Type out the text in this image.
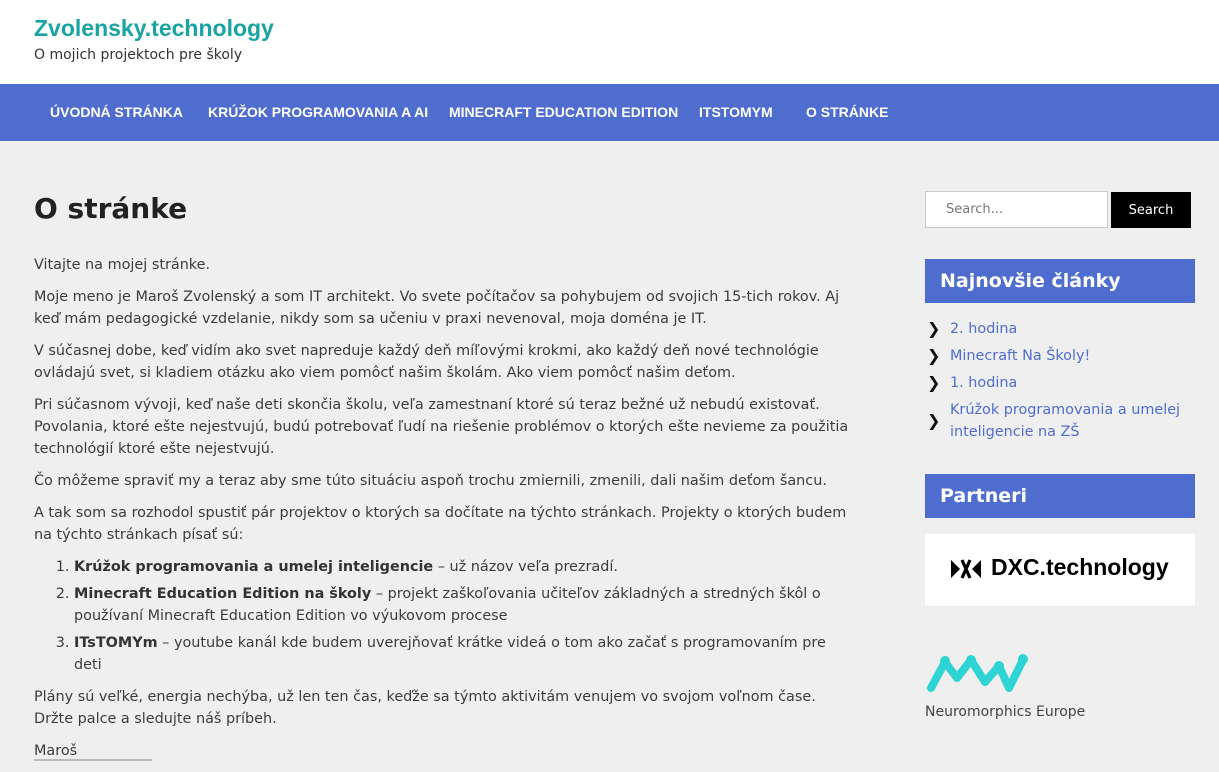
Zvolensky.technology
O mojich projektoch pre školy
ÚVODNÁ STRÁNKA KRÚŽOK PROGRAMOVANIA A AI MINECRAFT EDUCATION EDITION ITSTOMYM O STRÁNKE
O stránke

Vitajte na mojej stránke.

Moje meno je Maroš Zvolenský a som IT architekt. Vo svete počítačov sa pohybujem od svojich 15-tich rokov. Aj keď mám pedagogické vzdelanie, nikdy som sa učeniu v praxi nevenoval, moja doména je IT.

V súčasnej dobe, keď vidím ako svet napreduje každý deň míľovými krokmi, ako každý deň nové technológie ovládajú svet, si kladiem otázku ako viem pomôcť našim školám. Ako viem pomôcť našim deťom.

Pri súčasnom vývoji, keď naše deti skončia školu, veľa zamestnaní ktoré sú teraz bežné už nebudú existovať. Povolania, ktoré ešte nejestvujú, budú potrebovať ľudí na riešenie problémov o ktorých ešte nevieme za použitia technológií ktoré ešte nejestvujú.

Čo môžeme spraviť my a teraz aby sme túto situáciu aspoň trochu zmiernili, zmenili, dali našim deťom šancu.

A tak som sa rozhodol spustiť pár projektov o ktorých sa dočítate na týchto stránkach. Projekty o ktorých budem na týchto stránkach písať sú:

1. Krúžok programovania a umelej inteligencie – už názov veľa prezradí.
2. Minecraft Education Edition na školy – projekt zaškoľovania učiteľov základných a stredných škôl o používaní Minecraft Education Edition vo výukovom procese
3. ITsTOMYm – youtube kanál kde budem uverejňovať krátke videá o tom ako začať s programovaním pre deti

Plány sú veľké, energia nechýba, už len ten čas, keďže sa týmto aktivitám venujem vo svojom voľnom čase. Držte palce a sledujte náš príbeh.

Maroš

Search...
Search
Najnovšie články
❯ 2. hodina
❯ Minecraft Na Školy!
❯ 1. hodina
❯
Krúžok programovania a umelej inteligencie na ZŠ
Partneri
DXC.technology
Neuromorphics Europe
